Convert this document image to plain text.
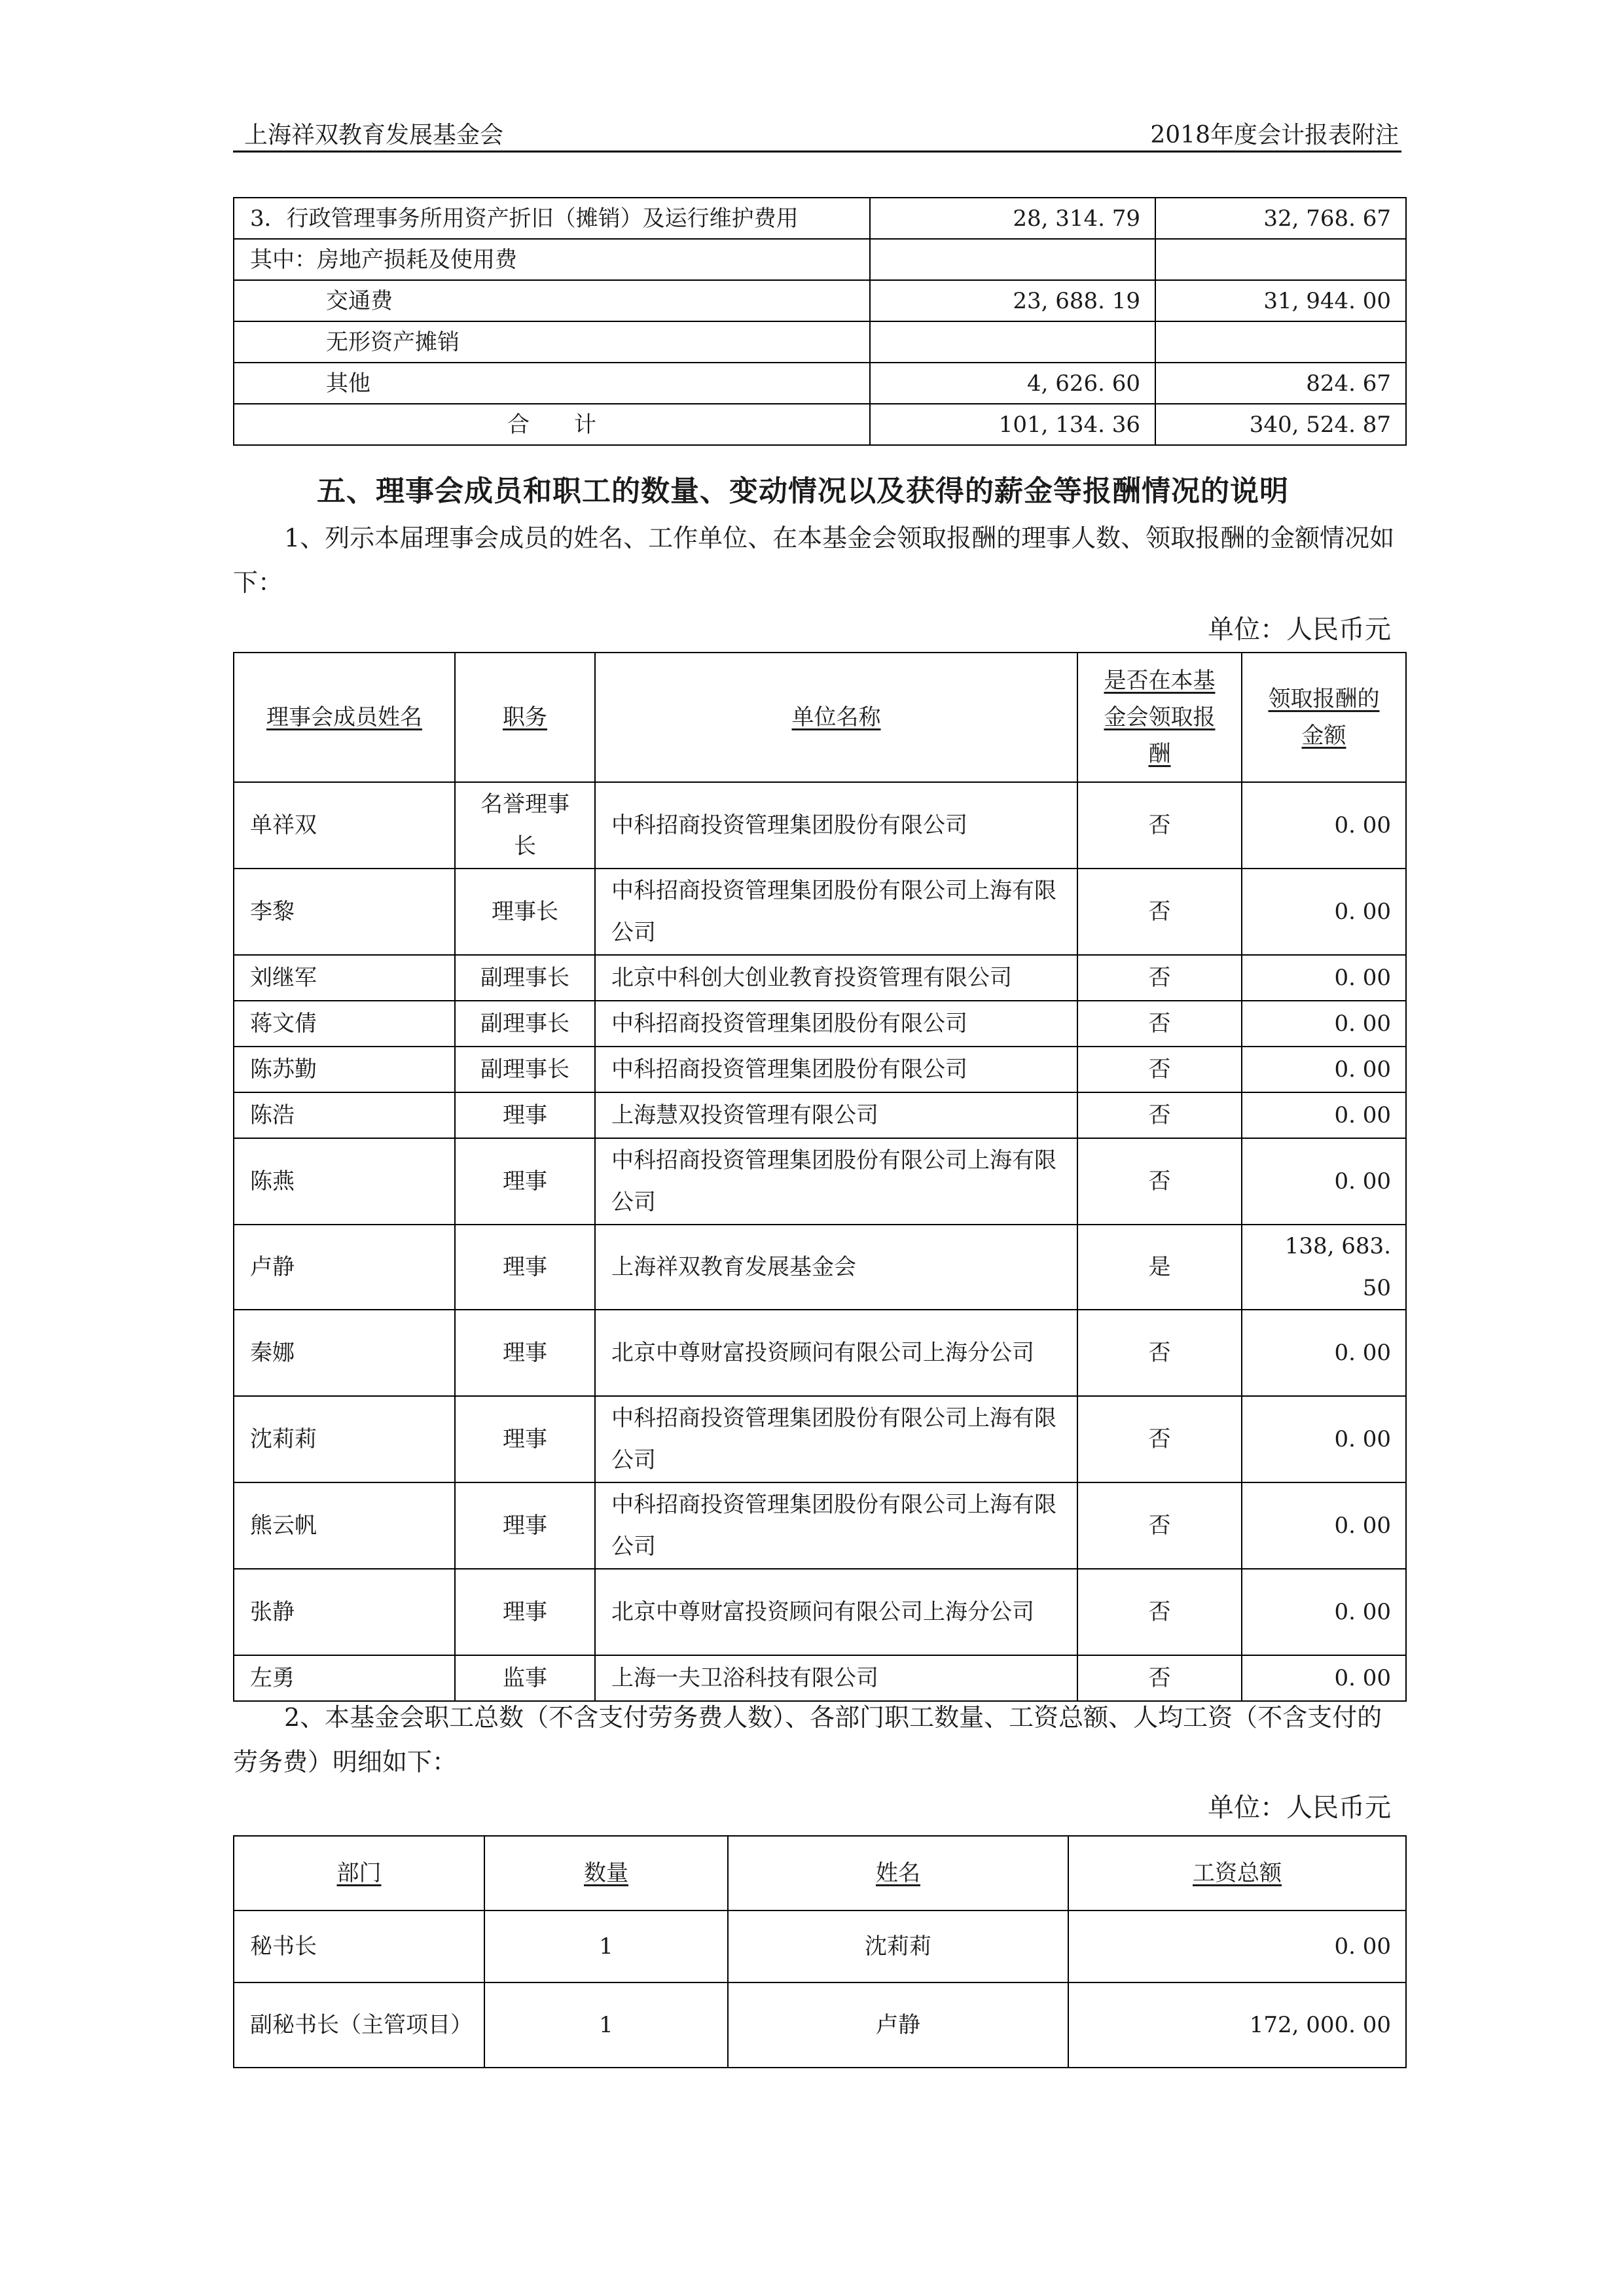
上海祥双教育发展基金会	2018年度会计报表附注
3．行政管理事务所用资产折旧（摊销）及运行维护费用	28, 314. 79	32, 768. 67
其中：房地产损耗及使用费		
交通费	23, 688. 19	31, 944. 00
无形资产摊销		
其他	4, 626. 60	824. 67
合　　计	101, 134. 36	340, 524. 87
五、理事会成员和职工的数量、变动情况以及获得的薪金等报酬情况的说明
1、列示本届理事会成员的姓名、工作单位、在本基金会领取报酬的理事人数、领取报酬的金额情况如下：
单位：人民币元
理事会成员姓名	职务	单位名称	是否在本基金会领取报酬	领取报酬的金额
单祥双	名誉理事长	中科招商投资管理集团股份有限公司	否	0. 00
李黎	理事长	中科招商投资管理集团股份有限公司上海有限公司	否	0. 00
刘继军	副理事长	北京中科创大创业教育投资管理有限公司	否	0. 00
蒋文倩	副理事长	中科招商投资管理集团股份有限公司	否	0. 00
陈苏勤	副理事长	中科招商投资管理集团股份有限公司	否	0. 00
陈浩	理事	上海慧双投资管理有限公司	否	0. 00
陈燕	理事	中科招商投资管理集团股份有限公司上海有限公司	否	0. 00
卢静	理事	上海祥双教育发展基金会	是	138, 683. 50
秦娜	理事	北京中尊财富投资顾问有限公司上海分公司	否	0. 00
沈莉莉	理事	中科招商投资管理集团股份有限公司上海有限公司	否	0. 00
熊云帆	理事	中科招商投资管理集团股份有限公司上海有限公司	否	0. 00
张静	理事	北京中尊财富投资顾问有限公司上海分公司	否	0. 00
左勇	监事	上海一夫卫浴科技有限公司	否	0. 00
2、本基金会职工总数（不含支付劳务费人数）、各部门职工数量、工资总额、人均工资（不含支付的劳务费）明细如下：
单位：人民币元
部门	数量	姓名	工资总额
秘书长	1	沈莉莉	0. 00
副秘书长（主管项目）	1	卢静	172, 000. 00
